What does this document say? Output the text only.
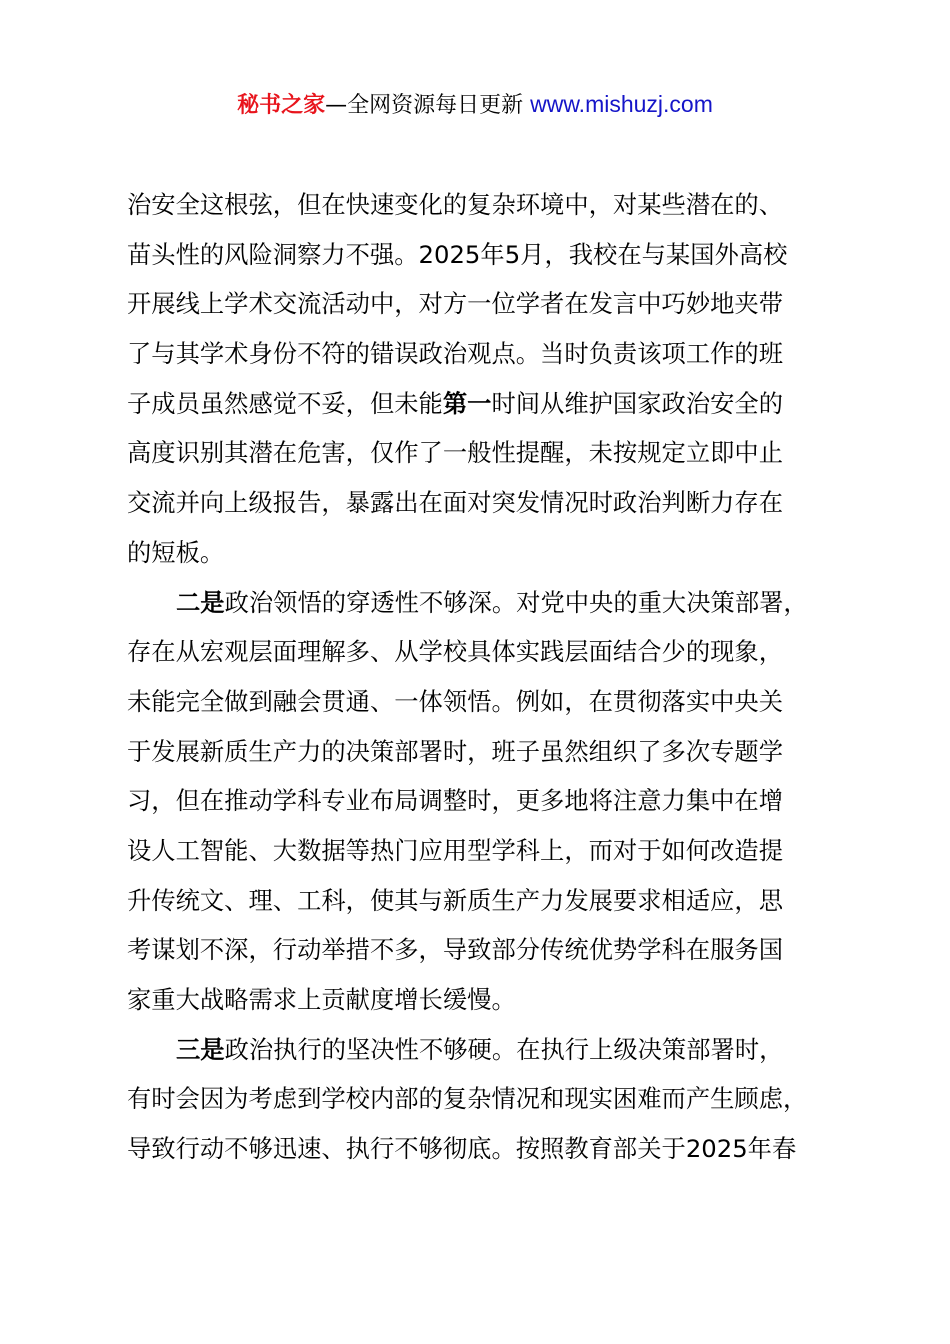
秘书之家—全网资源每日更新 www.mishuzj.com

治安全这根弦，但在快速变化的复杂环境中，对某些潜在的、
苗头性的风险洞察力不强。2025年5月，我校在与某国外高校
开展线上学术交流活动中，对方一位学者在发言中巧妙地夹带
了与其学术身份不符的错误政治观点。当时负责该项工作的班
子成员虽然感觉不妥，但未能第一时间从维护国家政治安全的
高度识别其潜在危害，仅作了一般性提醒，未按规定立即中止
交流并向上级报告，暴露出在面对突发情况时政治判断力存在
的短板。

二是政治领悟的穿透性不够深。对党中央的重大决策部署，
存在从宏观层面理解多、从学校具体实践层面结合少的现象，
未能完全做到融会贯通、一体领悟。例如，在贯彻落实中央关
于发展新质生产力的决策部署时，班子虽然组织了多次专题学
习，但在推动学科专业布局调整时，更多地将注意力集中在增
设人工智能、大数据等热门应用型学科上，而对于如何改造提
升传统文、理、工科，使其与新质生产力发展要求相适应，思
考谋划不深，行动举措不多，导致部分传统优势学科在服务国
家重大战略需求上贡献度增长缓慢。

三是政治执行的坚决性不够硬。在执行上级决策部署时，
有时会因为考虑到学校内部的复杂情况和现实困难而产生顾虑，
导致行动不够迅速、执行不够彻底。按照教育部关于2025年春
